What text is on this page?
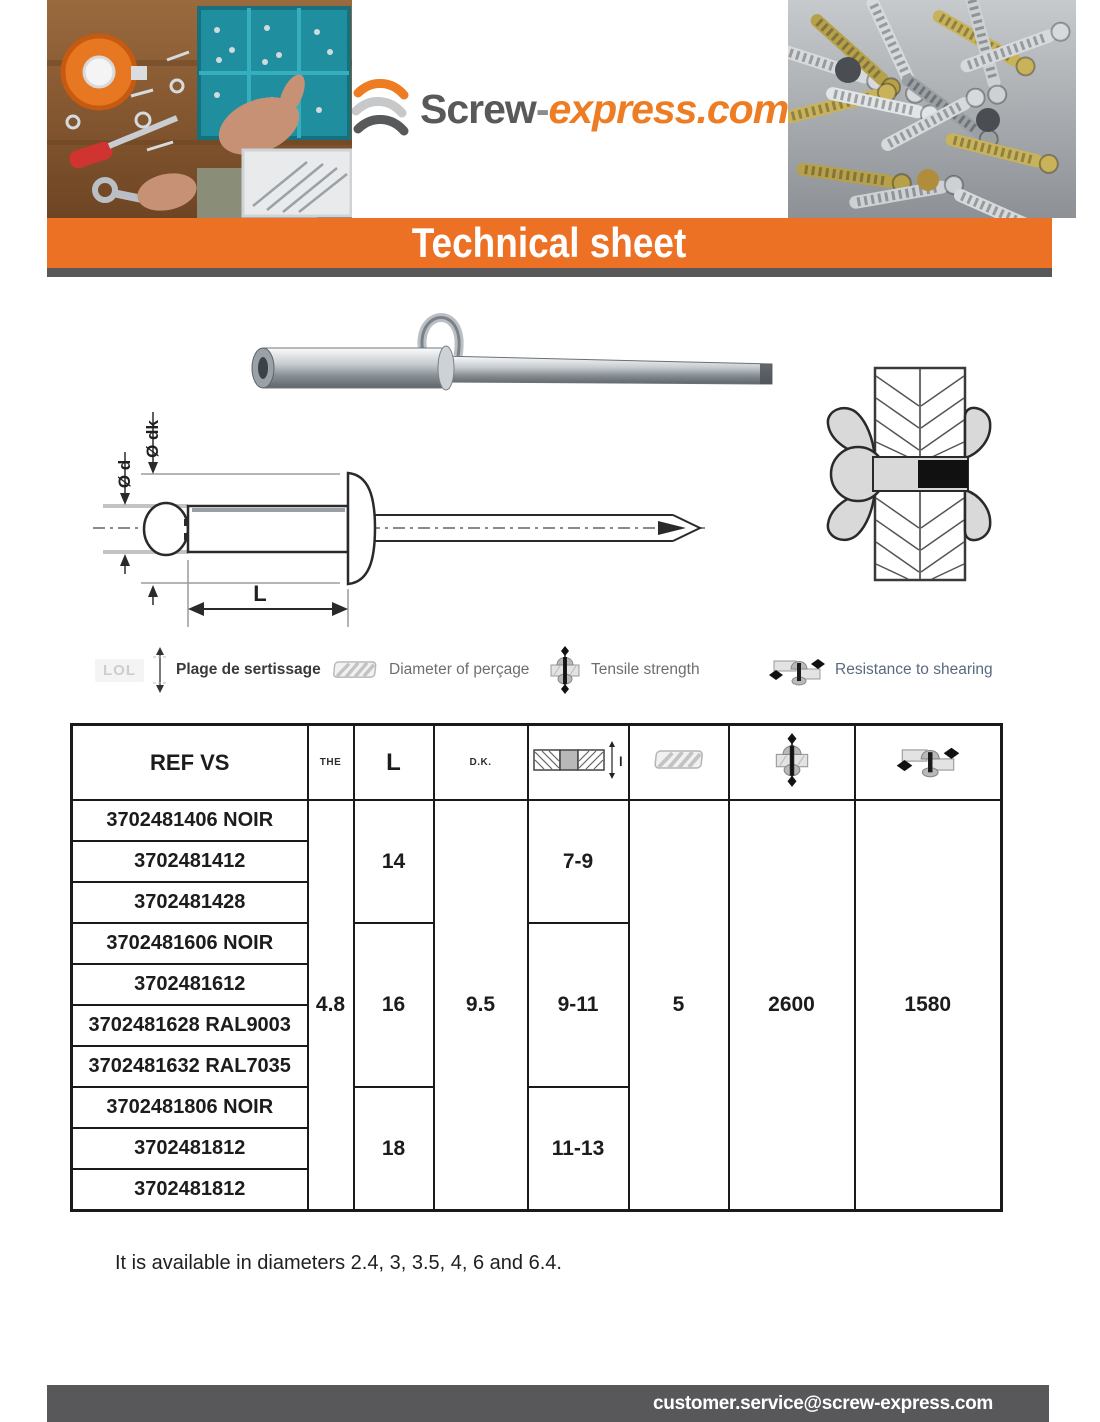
Screw-express.com
Technical sheet
Ø dk
Ø d
L
LOL	Plage de sertissage	Diameter of perçage	Tensile strength	Resistance to shearing
REF VS	THE	L	D.K.	l

3702481406 NOIR	4.8	14	9.5	7-9	5	2600	1580
3702481412							
3702481428							
3702481606 NOIR		16		9-11			
3702481612							
3702481628 RAL9003							
3702481632 RAL7035							
3702481806 NOIR		18		11-13			
3702481812							
3702481812							

It is available in diameters 2.4, 3, 3.5, 4, 6 and 6.4.

customer.service@screw-express.com
